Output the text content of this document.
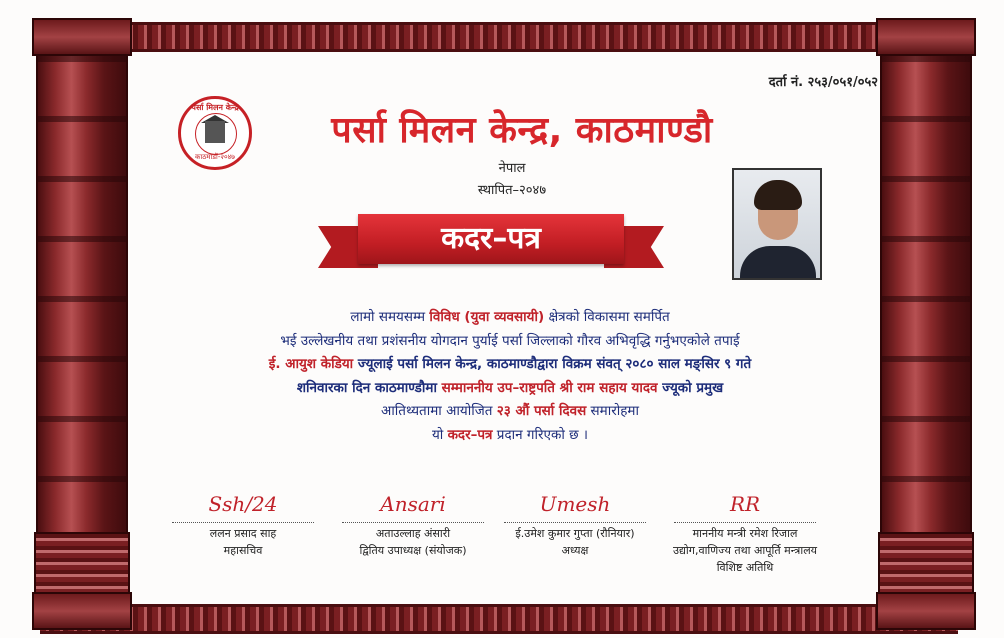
दर्ता नं. २५३/०५१/०५२
पर्सा मिलन केन्द्र
काठमाडौं-२०४७
पर्सा मिलन केन्द्र, काठमाण्डौ
नेपाल
स्थापित–२०४७
कदर–पत्र

लामो समयसम्म विविध (युवा व्यवसायी) क्षेत्रको विकासमा समर्पित

भई उल्लेखनीय तथा प्रशंसनीय योगदान पुर्याई पर्सा जिल्लाको गौरव अभिवृद्धि गर्नुभएकोले तपाई

ई. आयुश केडिया ज्यूलाई पर्सा मिलन केन्द्र, काठमाण्डौद्वारा विक्रम संवत् २०८० साल मङ्सिर ९ गते

शनिवारका दिन काठमाण्डौमा सम्माननीय उप–राष्ट्रपति श्री राम सहाय यादव ज्यूको प्रमुख

आतिथ्यतामा आयोजित २३ औं पर्सा दिवस समारोहमा

यो कदर–पत्र प्रदान गरिएको छ ।

Ssh/24
ललन प्रसाद साह
महासचिव
Ansari
अताउल्लाह अंसारी
द्वितिय उपाध्यक्ष (संयोजक)
Umesh
ई.उमेश कुमार गुप्ता (रौनियार)
अध्यक्ष
RR
माननीय मन्त्री रमेश रिजाल
उद्योग,वाणिज्य तथा आपूर्ति मन्त्रालय
विशिष्ट अतिथि
